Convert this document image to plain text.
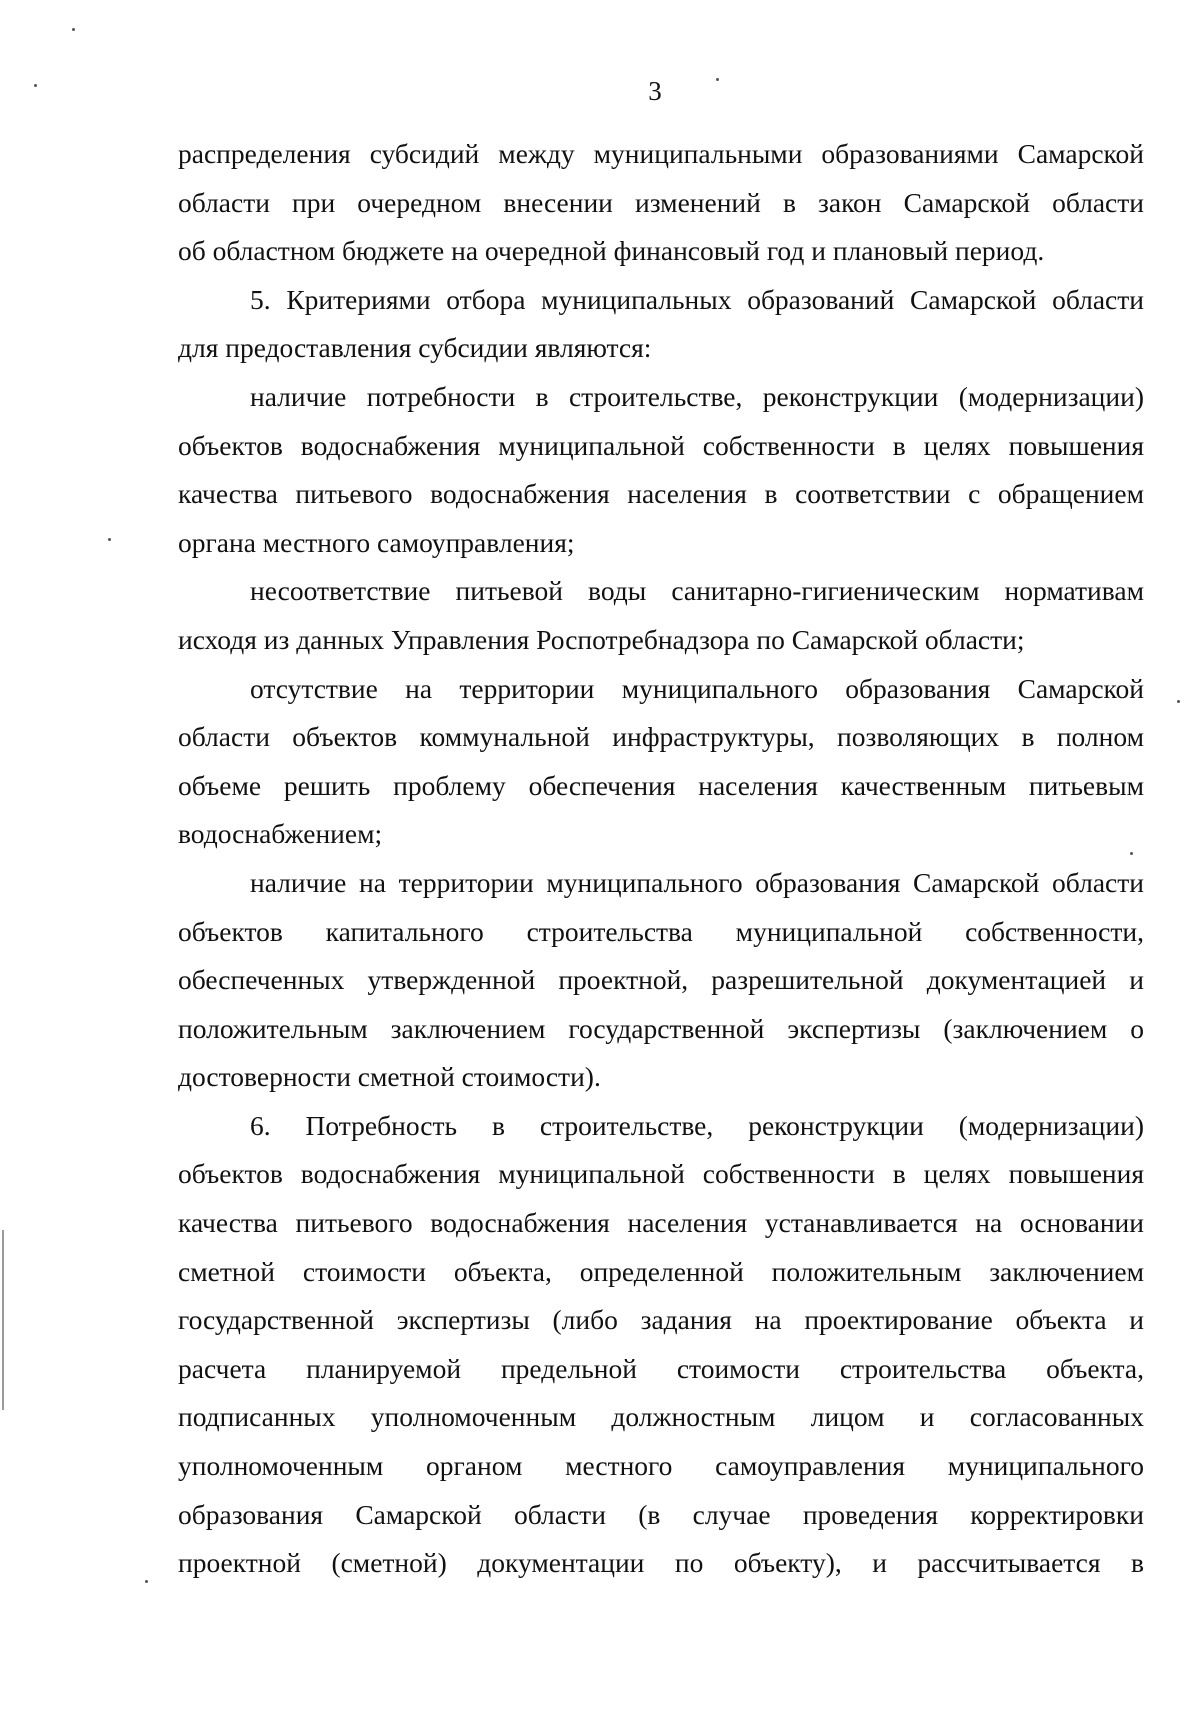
3
распределения субсидий между муниципальными образованиями Самарской
области при очередном внесении изменений в закон Самарской области
об областном бюджете на очередной финансовый год и плановый период.
5. Критериями отбора муниципальных образований Самарской области
для предоставления субсидии являются:
наличие потребности в строительстве, реконструкции (модернизации)
объектов водоснабжения муниципальной собственности в целях повышения
качества питьевого водоснабжения населения в соответствии с обращением
органа местного самоуправления;
несоответствие питьевой воды санитарно-гигиеническим нормативам
исходя из данных Управления Роспотребнадзора по Самарской области;
отсутствие на территории муниципального образования Самарской
области объектов коммунальной инфраструктуры, позволяющих в полном
объеме решить проблему обеспечения населения качественным питьевым
водоснабжением;
наличие на территории муниципального образования Самарской области
объектов капитального строительства муниципальной собственности,
обеспеченных утвержденной проектной, разрешительной документацией и
положительным заключением государственной экспертизы (заключением о
достоверности сметной стоимости).
6. Потребность в строительстве, реконструкции (модернизации)
объектов водоснабжения муниципальной собственности в целях повышения
качества питьевого водоснабжения населения устанавливается на основании
сметной стоимости объекта, определенной положительным заключением
государственной экспертизы (либо задания на проектирование объекта и
расчета планируемой предельной стоимости строительства объекта,
подписанных уполномоченным должностным лицом и согласованных
уполномоченным органом местного самоуправления муниципального
образования Самарской области (в случае проведения корректировки
проектной (сметной) документации по объекту), и рассчитывается в
